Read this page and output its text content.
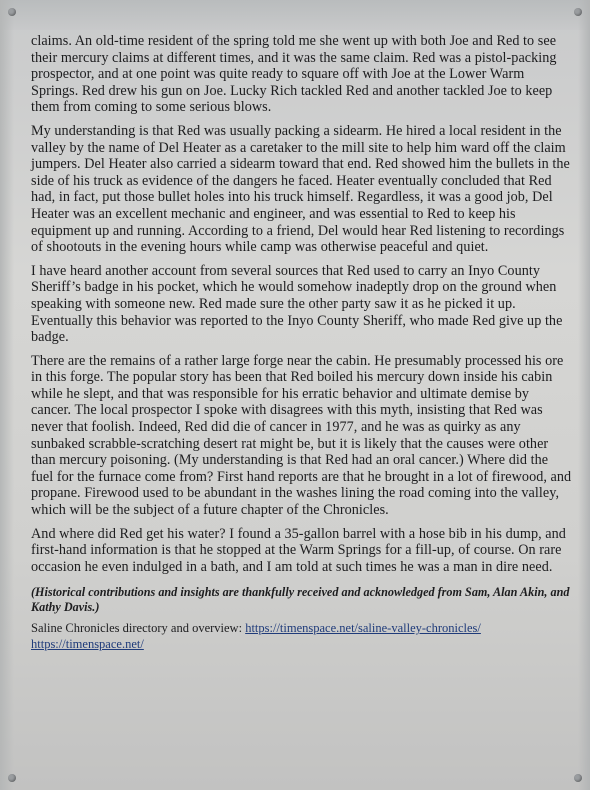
claims. An old-time resident of the spring told me she went up with both Joe and Red to see their mercury claims at different times, and it was the same claim. Red was a pistol-packing prospector, and at one point was quite ready to square off with Joe at the Lower Warm Springs. Red drew his gun on Joe. Lucky Rich tackled Red and another tackled Joe to keep them from coming to some serious blows.

My understanding is that Red was usually packing a sidearm. He hired a local resident in the valley by the name of Del Heater as a caretaker to the mill site to help him ward off the claim jumpers. Del Heater also carried a sidearm toward that end. Red showed him the bullets in the side of his truck as evidence of the dangers he faced. Heater eventually concluded that Red had, in fact, put those bullet holes into his truck himself. Regardless, it was a good job, Del Heater was an excellent mechanic and engineer, and was essential to Red to keep his equipment up and running. According to a friend, Del would hear Red listening to recordings of shootouts in the evening hours while camp was otherwise peaceful and quiet.

I have heard another account from several sources that Red used to carry an Inyo County Sheriff’s badge in his pocket, which he would somehow inadeptly drop on the ground when speaking with someone new. Red made sure the other party saw it as he picked it up. Eventually this behavior was reported to the Inyo County Sheriff, who made Red give up the badge.

There are the remains of a rather large forge near the cabin. He presumably processed his ore in this forge. The popular story has been that Red boiled his mercury down inside his cabin while he slept, and that was responsible for his erratic behavior and ultimate demise by cancer. The local prospector I spoke with disagrees with this myth, insisting that Red was never that foolish. Indeed, Red did die of cancer in 1977, and he was as quirky as any sunbaked scrabble-scratching desert rat might be, but it is likely that the causes were other than mercury poisoning. (My understanding is that Red had an oral cancer.) Where did the fuel for the furnace come from? First hand reports are that he brought in a lot of firewood, and propane. Firewood used to be abundant in the washes lining the road coming into the valley, which will be the subject of a future chapter of the Chronicles.

And where did Red get his water? I found a 35-gallon barrel with a hose bib in his dump, and first-hand information is that he stopped at the Warm Springs for a fill-up, of course. On rare occasion he even indulged in a bath, and I am told at such times he was a man in dire need.

(Historical contributions and insights are thankfully received and acknowledged from Sam, Alan Akin, and Kathy Davis.)

Saline Chronicles directory and overview: https://timenspace.net/saline-valley-chronicles/
https://timenspace.net/
